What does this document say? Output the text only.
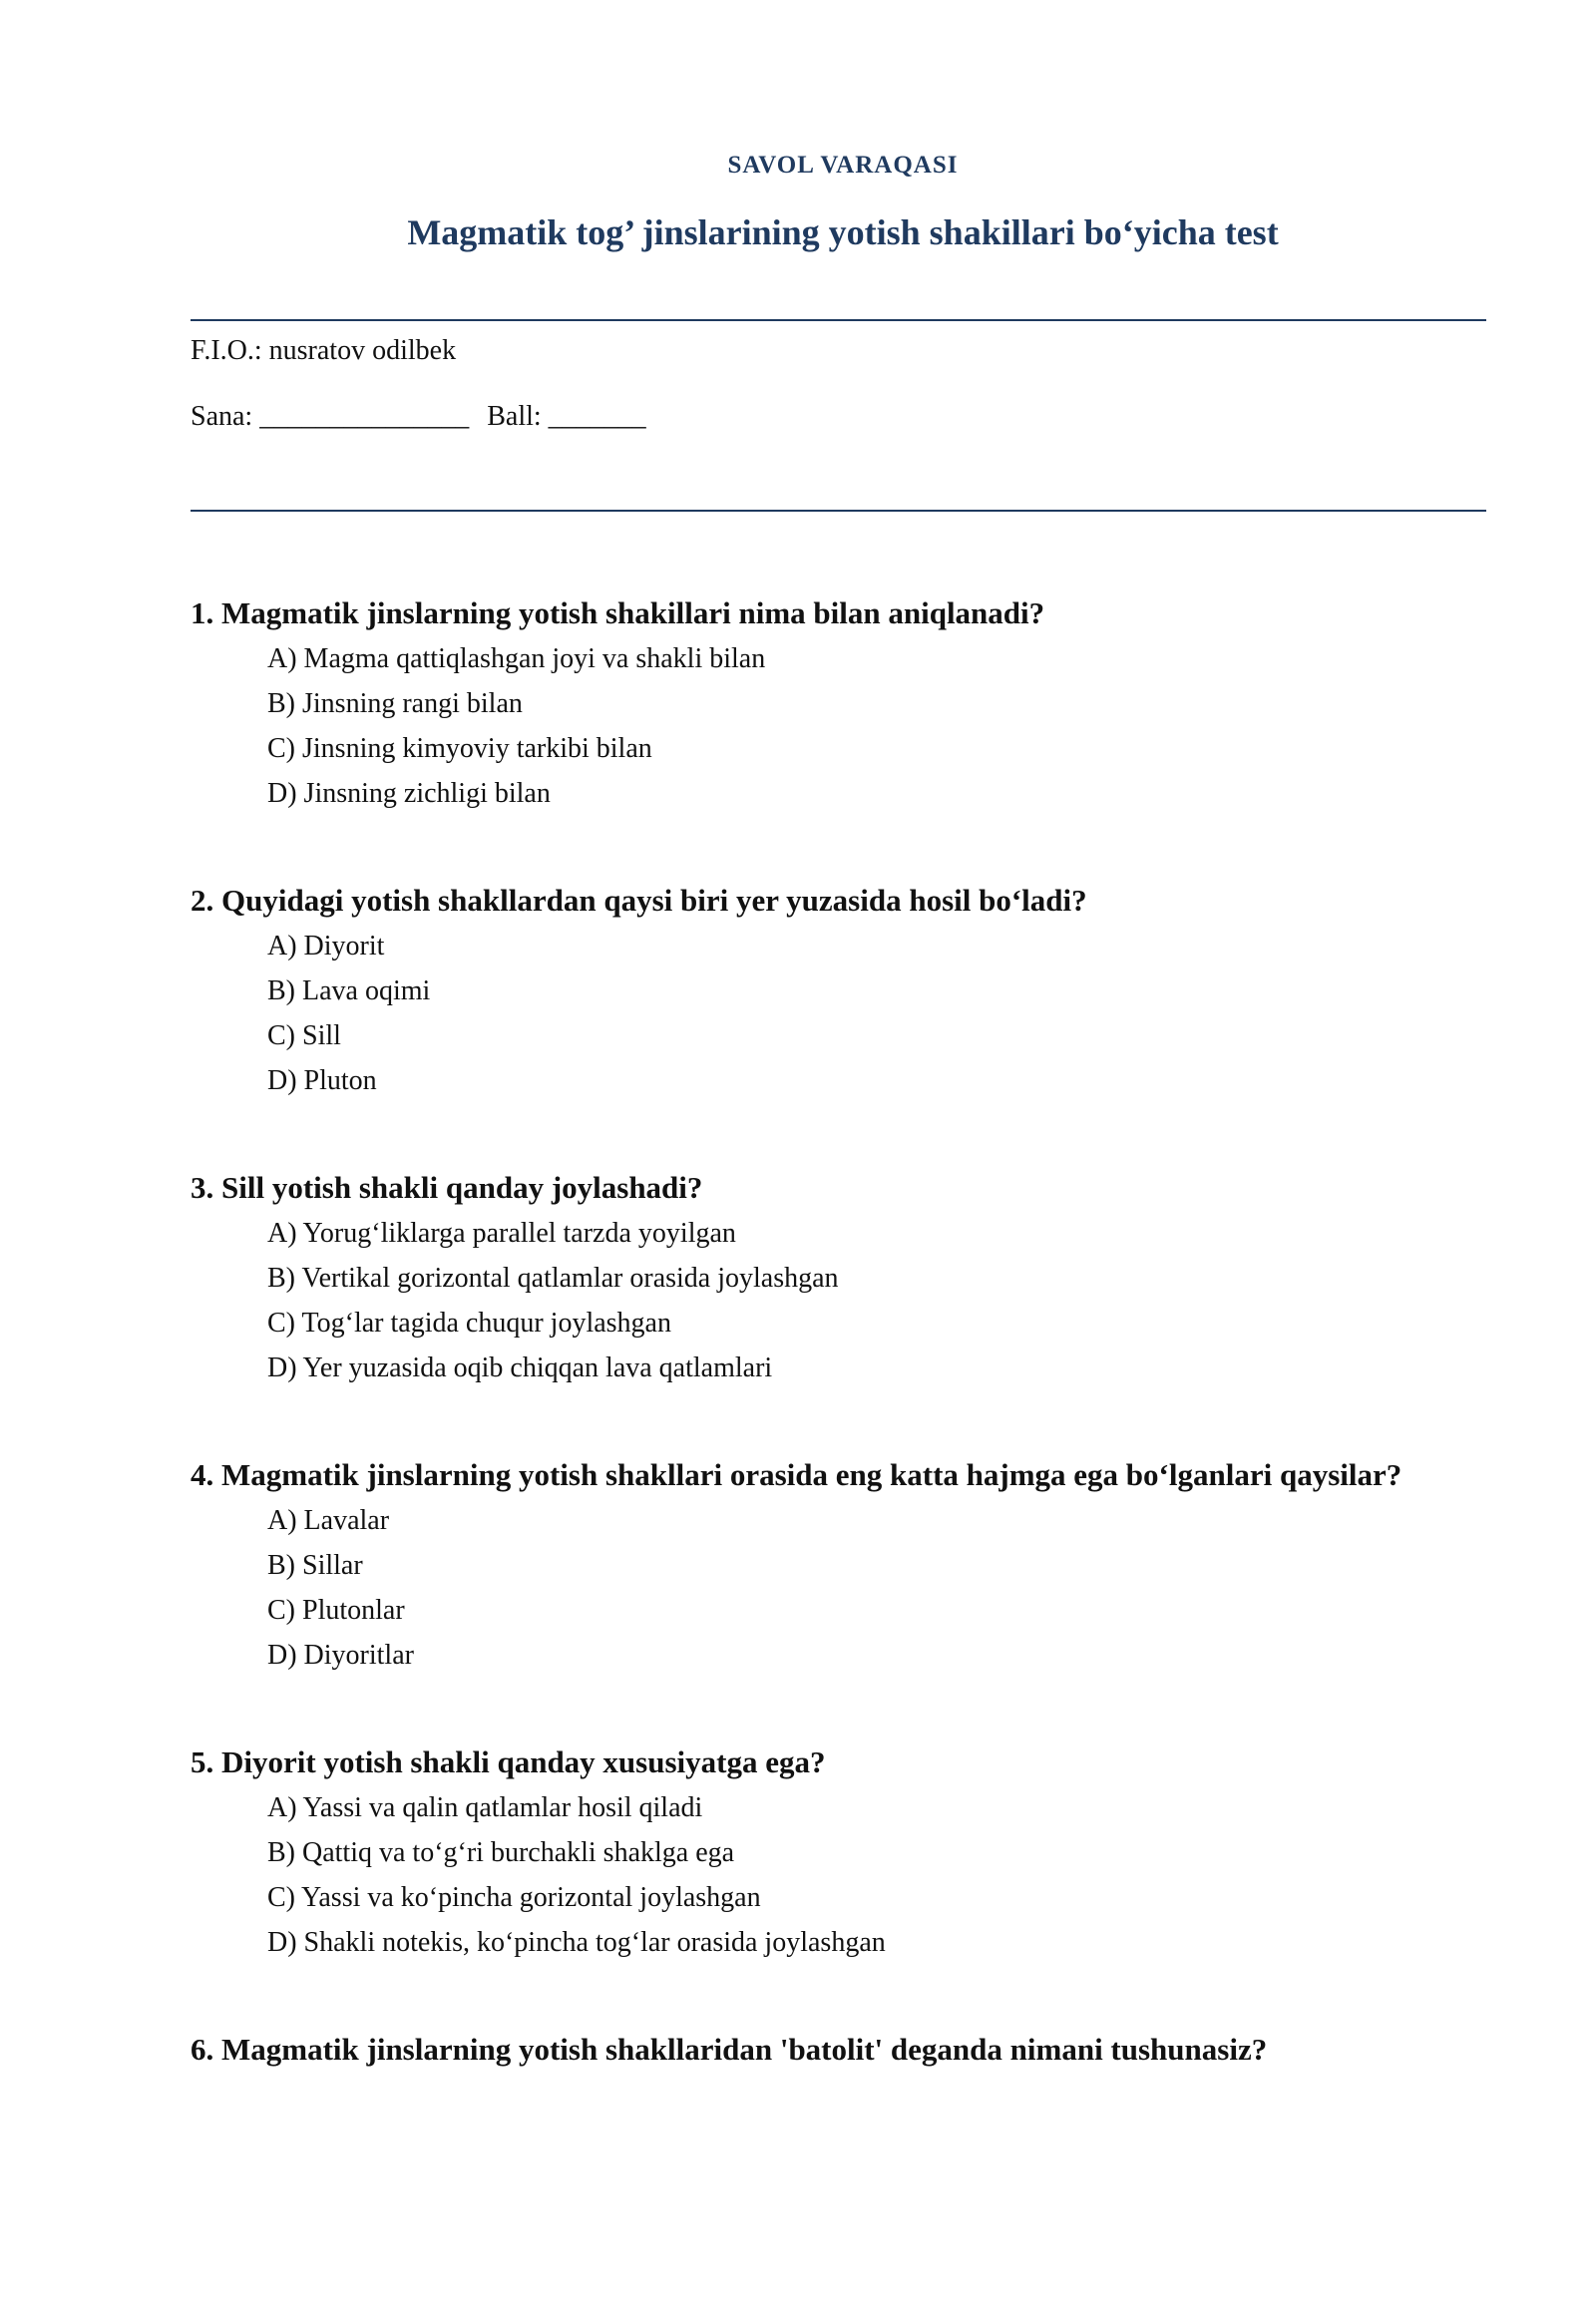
SAVOL VARAQASI
Magmatik tog’ jinslarining yotish shakillari bo‘yicha test
F.I.O.: nusratov odilbek
Sana: _______________ Ball: _______
1. Magmatik jinslarning yotish shakillari nima bilan aniqlanadi?
A) Magma qattiqlashgan joyi va shakli bilan
B) Jinsning rangi bilan
C) Jinsning kimyoviy tarkibi bilan
D) Jinsning zichligi bilan
2. Quyidagi yotish shakllardan qaysi biri yer yuzasida hosil bo‘ladi?
A) Diyorit
B) Lava oqimi
C) Sill
D) Pluton
3. Sill yotish shakli qanday joylashadi?
A) Yorug‘liklarga parallel tarzda yoyilgan
B) Vertikal gorizontal qatlamlar orasida joylashgan
C) Tog‘lar tagida chuqur joylashgan
D) Yer yuzasida oqib chiqqan lava qatlamlari
4. Magmatik jinslarning yotish shakllari orasida eng katta hajmga ega bo‘lganlari qaysilar?
A) Lavalar
B) Sillar
C) Plutonlar
D) Diyoritlar
5. Diyorit yotish shakli qanday xususiyatga ega?
A) Yassi va qalin qatlamlar hosil qiladi
B) Qattiq va to‘g‘ri burchakli shaklga ega
C) Yassi va ko‘pincha gorizontal joylashgan
D) Shakli notekis, ko‘pincha tog‘lar orasida joylashgan
6. Magmatik jinslarning yotish shakllaridan 'batolit' deganda nimani tushunasiz?
